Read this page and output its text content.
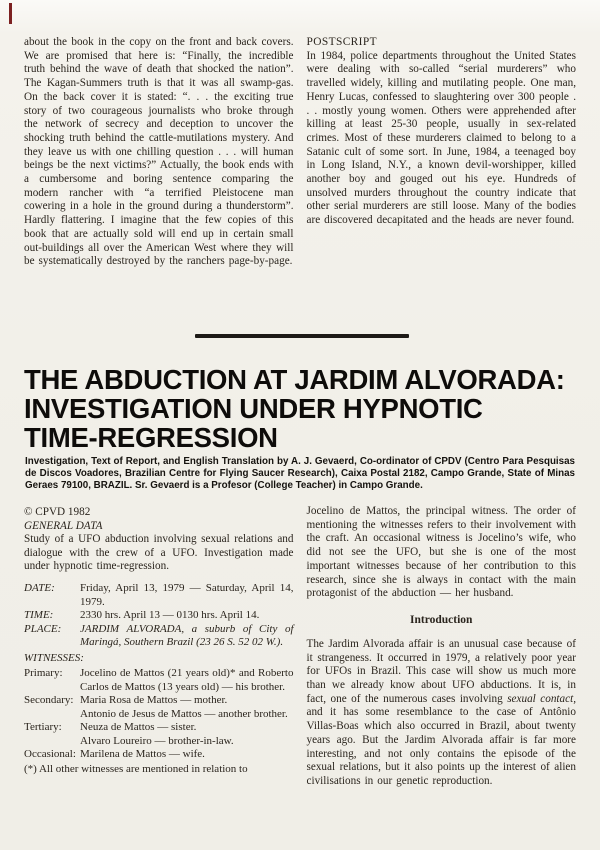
about the book in the copy on the front and back covers. We are promised that here is: “Finally, the incredible truth behind the wave of death that shocked the nation”. The Kagan-Summers truth is that it was all swamp-gas. On the back cover it is stated: “. . . the exciting true story of two courageous journalists who broke through the network of secrecy and deception to uncover the shocking truth behind the cattle-mutilations mystery. And they leave us with one chilling question . . . will human beings be the next victims?” Actually, the book ends with a cumbersome and boring sentence comparing the modern rancher with “a terrified Pleistocene man cowering in a hole in the ground during a thunderstorm”. Hardly flattering. I imagine that the few copies of this book that are actually sold will end up in certain small out-buildings all over the American West where they will be systematically destroyed by the ranchers page-by-page.

POSTSCRIPT

In 1984, police departments throughout the United States were dealing with so-called “serial murderers” who travelled widely, killing and mutilating people. One man, Henry Lucas, confessed to slaughtering over 300 people . . . mostly young women. Others were apprehended after killing at least 25-30 people, usually in sex-related crimes. Most of these murderers claimed to belong to a Satanic cult of some sort. In June, 1984, a teenaged boy in Long Island, N.Y., a known devil-worshipper, killed another boy and gouged out his eye. Hundreds of unsolved murders throughout the country indicate that other serial murderers are still loose. Many of the bodies are discovered decapitated and the heads are never found.

THE ABDUCTION AT JARDIM ALVORADA:
INVESTIGATION UNDER HYPNOTIC
TIME-REGRESSION
Investigation, Text of Report, and English Translation by A. J. Gevaerd, Co-ordinator of CPDV (Centro Para Pesquisas de Discos Voadores, Brazilian Centre for Flying Saucer Research), Caixa Postal 2182, Campo Grande, State of Minas Geraes 79100, BRAZIL. Sr. Gevaerd is a Profesor (College Teacher) in Campo Grande.

© CPVD 1982

GENERAL DATA

Study of a UFO abduction involving sexual relations and dialogue with the crew of a UFO. Investigation made under hypnotic time-regression.

DATE:	Friday, April 13, 1979 — Saturday, April 14, 1979.
TIME:	2330 hrs. April 13 — 0130 hrs. April 14.
PLACE:	JARDIM ALVORADA, a suburb of City of Maringá, Southern Brazil (23 26 S. 52 02 W.).
WITNESSES:
Primary:	Jocelino de Mattos (21 years old)* and Roberto Carlos de Mattos (13 years old) — his brother.
Secondary: Maria Rosa de Mattos — mother.
Antonio de Jesus de Mattos — another brother.
Tertiary:	Neuza de Mattos — sister.
Alvaro Loureiro — brother-in-law.
Occasional: Marilena de Mattos — wife.
(*) All other witnesses are mentioned in relation to

Jocelino de Mattos, the principal witness. The order of mentioning the witnesses refers to their involvement with the craft. An occasional witness is Jocelino’s wife, who did not see the UFO, but she is one of the most important witnesses because of her contribution to this research, since she is always in contact with the main protagonist of the abduction — her husband.

Introduction

The Jardim Alvorada affair is an unusual case because of it strangeness. It occurred in 1979, a relatively poor year for UFOs in Brazil. This case will show us much more than we already know about UFO abductions. It is, in fact, one of the numerous cases involving sexual contact, and it has some resemblance to the case of Antônio Villas-Boas which also occurred in Brazil, about twenty years ago. But the Jardim Alvorada affair is far more interesting, and not only contains the episode of the sexual relations, but it also points up the interest of alien civilisations in our genetic reproduction.
